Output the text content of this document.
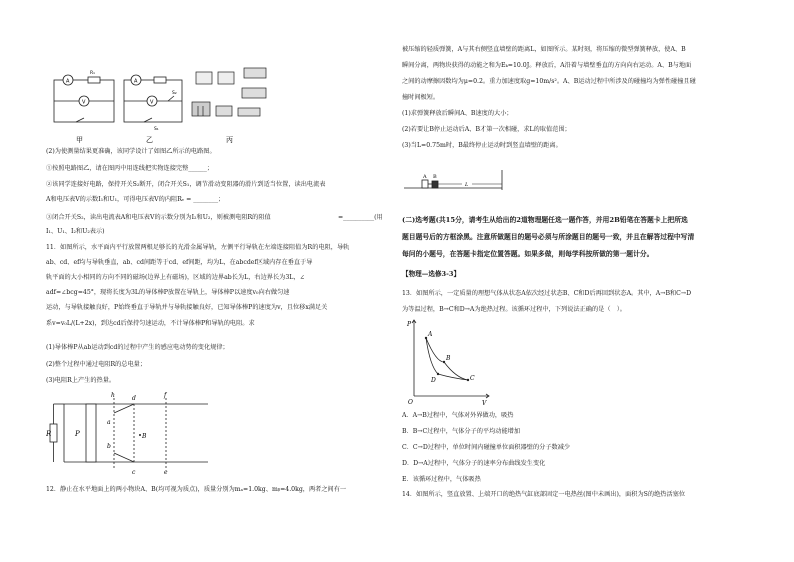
A
V
R₁
甲
A
V
S₂
S₁
乙	丙
(2)为使测量结果更准确，该同学设计了如图乙所示的电路图。
①按照电路图乙，请在图丙中用连线把实物连接完整______；
②该同学连接好电路，保持开关S₂断开，闭合开关S₁，调节滑动变阻器的滑片到适当位置，读出电流表
A和电压表V的示数I₁和U₁，可得电压表V的内阻Rᵥ = ________；
③闭合开关S₂，读出电流表A和电压表V的示数分别为I₂和U₂，则被测电阻R的阻值	=__________(用
I₁、U₁、I₂和U₂表示)
11．如图所示，水平面内平行放置两根足够长的光滑金属导轨，左侧平行导轨在左端连接阻值为R的电阻，导轨
ab、cd、ef均与导轨垂直，ab、cd间距等于cd、ef间距，均为L，在abcdef区域内存在垂直于导
轨平面的大小相同的方向不同的磁场(边界上有磁场)，区域的边界ab长为L，右边界长为3L，∠
adf=∠bcg=45°，现将长度为3L的导体棒P放置在导轨上，导体棒P以速度v₀向右做匀速
运动，与导轨接触良好，P始终垂直于导轨并与导轨接触良好，已知导体棒P的速度为v，且位移x满足关
系v=v₀L/(L+2x)，到达cd后保持匀速运动，不计导体棒P和导轨的电阻。求
(1)导体棒P从ab运动到cd的过程中产生的感应电动势的变化规律；
(2)整个过程中通过电阻R的总电量；
(3)电阻R上产生的热量。
R	P	B
h	d	f
a
b
c	e
12．静止在水平地面上的两小物块A、B(均可视为质点)，质量分别为mₐ=1.0kg、mᵦ=4.0kg，两者之间有一
被压缩的轻质弹簧，A与其右侧竖直墙壁的距离L，如图所示。某时刻，将压缩的微型弹簧释放，使A、B
瞬间分离，两物块获得的动能之和为Eₖ=10.0J。释放后，A沿着与墙壁垂直的方向向右运动。A、B与地面
之间的动摩擦因数均为μ=0.2。重力加速度取g=10m/s²。A、B运动过程中所涉及的碰撞均为弹性碰撞且碰
撞时间极短。
(1)求弹簧释放后瞬间A、B速度的大小；
(2)若要让B停止运动后A、B才第一次相碰，求L的取值范围；
(3)当L=0.75m时，B最终停止运动时到竖直墙壁的距离。
A B
L
(二)选考题(共15分，请考生从给出的2道物理题任选一题作答，并用2B铅笔在答题卡上把所选
题目题号后的方框涂黑。注意所做题目的题号必须与所涂题目的题号一致，并且在解答过程中写清
每问的小题号，在答题卡指定位置答题。如果多做，则每学科按所做的第一题计分。
【物理—选修3-3】
13．如图所示，一定质量的理想气体从状态A依次经过状态B、C和D后再回到状态A。其中，A→B和C→D
为等温过程，B→C和D→A为绝热过程。该循环过程中，下列说法正确的是（　）。
P
V
O
A
B
C
D
A．A→B过程中，气体对外界做功，吸热
B．B→C过程中，气体分子的平均动能增加
C．C→D过程中，单位时间内碰撞单位面积器壁的分子数减少
D．D→A过程中，气体分子的速率分布曲线发生变化
E．该循环过程中，气体吸热
14．如图所示，竖直放置、上端开口的绝热气缸底部固定一电热丝(图中未画出)，面积为S的绝热活塞位
